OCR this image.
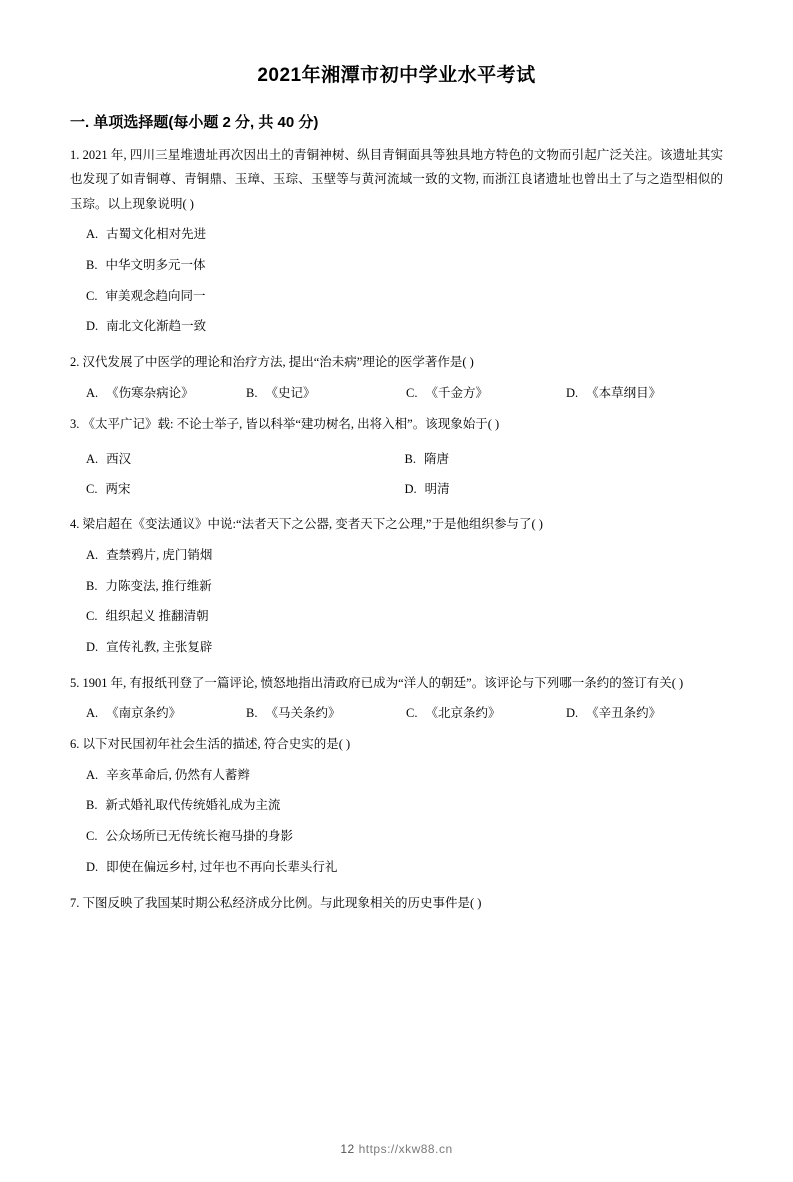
2021年湘潭市初中学业水平考试
一. 单项选择题(每小题 2 分, 共 40 分)
1. 2021 年, 四川三星堆遗址再次因出土的青铜神树、纵目青铜面具等独具地方特色的文物而引起广泛关注。该遗址其实也发现了如青铜尊、青铜鼎、玉璋、玉琮、玉壁等与黄河流域一致的文物, 而浙江良诸遗址也曾出土了与之造型相似的玉琮。以上现象说明( )
A. 古蜀文化相对先进
B. 中华文明多元一体
C. 审美观念趋向同一
D. 南北文化渐趋一致
2. 汉代发展了中医学的理论和治疗方法, 提出“治未病”理论的医学著作是( )
A. 《伤寒杂病论》	B. 《史记》	C. 《千金方》	D. 《本草纲目》
3. 《太平广记》载: 不论士举子, 皆以科举“建功树名, 出将入相”。该现象始于( )
A. 西汉	B. 隋唐
C. 两宋	D. 明清
4. 梁启超在《变法通议》中说:“法者天下之公器, 变者天下之公理,”于是他组织参与了( )
A. 查禁鸦片, 虎门销烟
B. 力陈变法, 推行维新
C. 组织起义 推翻清朝
D. 宣传礼教, 主张复辟
5. 1901 年, 有报纸刊登了一篇评论, 愤怒地指出清政府已成为“洋人的朝廷”。该评论与下列哪一条约的签订有关( )
A. 《南京条约》	B. 《马关条约》	C. 《北京条约》	D. 《辛丑条约》
6. 以下对民国初年社会生活的描述, 符合史实的是( )
A. 辛亥革命后, 仍然有人蓄辫
B. 新式婚礼取代传统婚礼成为主流
C. 公众场所已无传统长袍马掛的身影
D. 即使在偏远乡村, 过年也不再向长辈头行礼
7. 下图反映了我国某时期公私经济成分比例。与此现象相关的历史事件是( )
12 https://xkw88.cn
